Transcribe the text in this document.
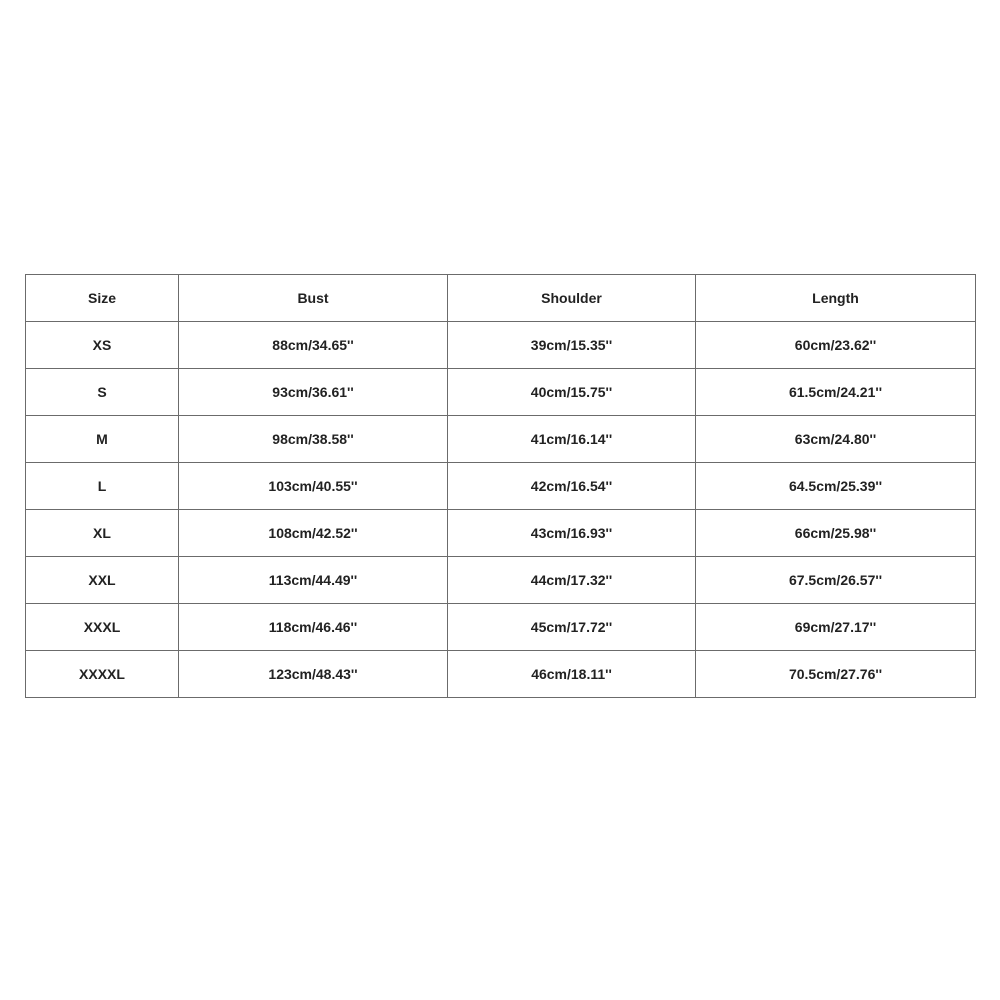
Size	Bust	Shoulder	Length
XS	88cm/34.65''	39cm/15.35''	60cm/23.62''
S	93cm/36.61''	40cm/15.75''	61.5cm/24.21''
M	98cm/38.58''	41cm/16.14''	63cm/24.80''
L	103cm/40.55''	42cm/16.54''	64.5cm/25.39''
XL	108cm/42.52''	43cm/16.93''	66cm/25.98''
XXL	113cm/44.49''	44cm/17.32''	67.5cm/26.57''
XXXL	118cm/46.46''	45cm/17.72''	69cm/27.17''
XXXXL	123cm/48.43''	46cm/18.11''	70.5cm/27.76''
